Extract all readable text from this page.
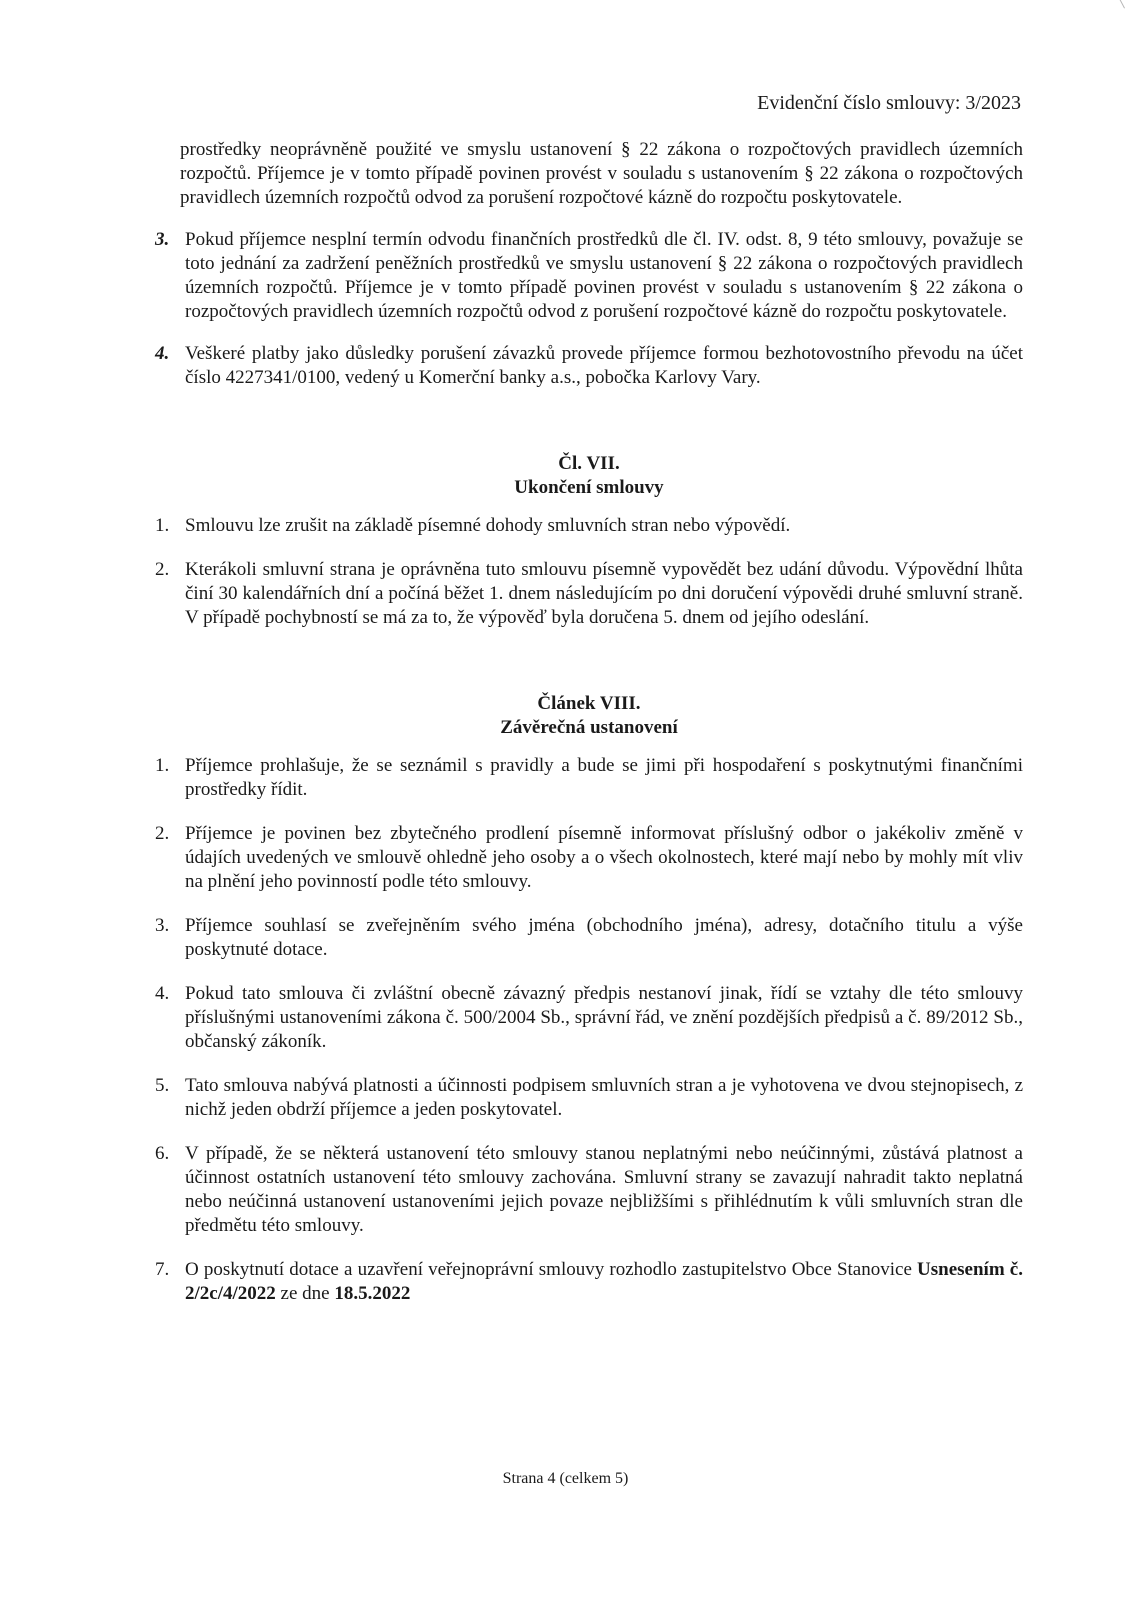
Evidenční číslo smlouvy: 3/2023

prostředky neoprávněně použité ve smyslu ustanovení § 22 zákona o rozpočtových pravidlech územních rozpočtů. Příjemce je v tomto případě povinen provést v souladu s ustanovením § 22 zákona o rozpočtových pravidlech územních rozpočtů odvod za porušení rozpočtové kázně do rozpočtu poskytovatele.

3. Pokud příjemce nesplní termín odvodu finančních prostředků dle čl. IV. odst. 8, 9 této smlouvy, považuje se toto jednání za zadržení peněžních prostředků ve smyslu ustanovení § 22 zákona o rozpočtových pravidlech územních rozpočtů. Příjemce je v tomto případě povinen provést v souladu s ustanovením § 22 zákona o rozpočtových pravidlech územních rozpočtů odvod z porušení rozpočtové kázně do rozpočtu poskytovatele.
4. Veškeré platby jako důsledky porušení závazků provede příjemce formou bezhotovostního převodu na účet číslo 4227341/0100, vedený u Komerční banky a.s., pobočka Karlovy Vary.

Čl. VII.

Ukončení smlouvy

1. Smlouvu lze zrušit na základě písemné dohody smluvních stran nebo výpovědí.
2. Kterákoli smluvní strana je oprávněna tuto smlouvu písemně vypovědět bez udání důvodu. Výpovědní lhůta činí 30 kalendářních dní a počíná běžet 1. dnem následujícím po dni doručení výpovědi druhé smluvní straně. V případě pochybností se má za to, že výpověď byla doručena 5. dnem od jejího odeslání.

Článek VIII.

Závěrečná ustanovení

1. Příjemce prohlašuje, že se seznámil s pravidly a bude se jimi při hospodaření s poskytnutými finančními prostředky řídit.
2. Příjemce je povinen bez zbytečného prodlení písemně informovat příslušný odbor o jakékoliv změně v údajích uvedených ve smlouvě ohledně jeho osoby a o všech okolnostech, které mají nebo by mohly mít vliv na plnění jeho povinností podle této smlouvy.
3. Příjemce souhlasí se zveřejněním svého jména (obchodního jména), adresy, dotačního titulu a výše poskytnuté dotace.
4. Pokud tato smlouva či zvláštní obecně závazný předpis nestanoví jinak, řídí se vztahy dle této smlouvy příslušnými ustanoveními zákona č. 500/2004 Sb., správní řád, ve znění pozdějších předpisů a č. 89/2012 Sb., občanský zákoník.
5. Tato smlouva nabývá platnosti a účinnosti podpisem smluvních stran a je vyhotovena ve dvou stejnopisech, z nichž jeden obdrží příjemce a jeden poskytovatel.
6. V případě, že se některá ustanovení této smlouvy stanou neplatnými nebo neúčinnými, zůstává platnost a účinnost ostatních ustanovení této smlouvy zachována. Smluvní strany se zavazují nahradit takto neplatná nebo neúčinná ustanovení ustanoveními jejich povaze nejbližšími s přihlédnutím k vůli smluvních stran dle předmětu této smlouvy.
7. O poskytnutí dotace a uzavření veřejnoprávní smlouvy rozhodlo zastupitelstvo Obce Stanovice Usnesením č. 2/2c/4/2022 ze dne 18.5.2022
Strana 4 (celkem 5)
